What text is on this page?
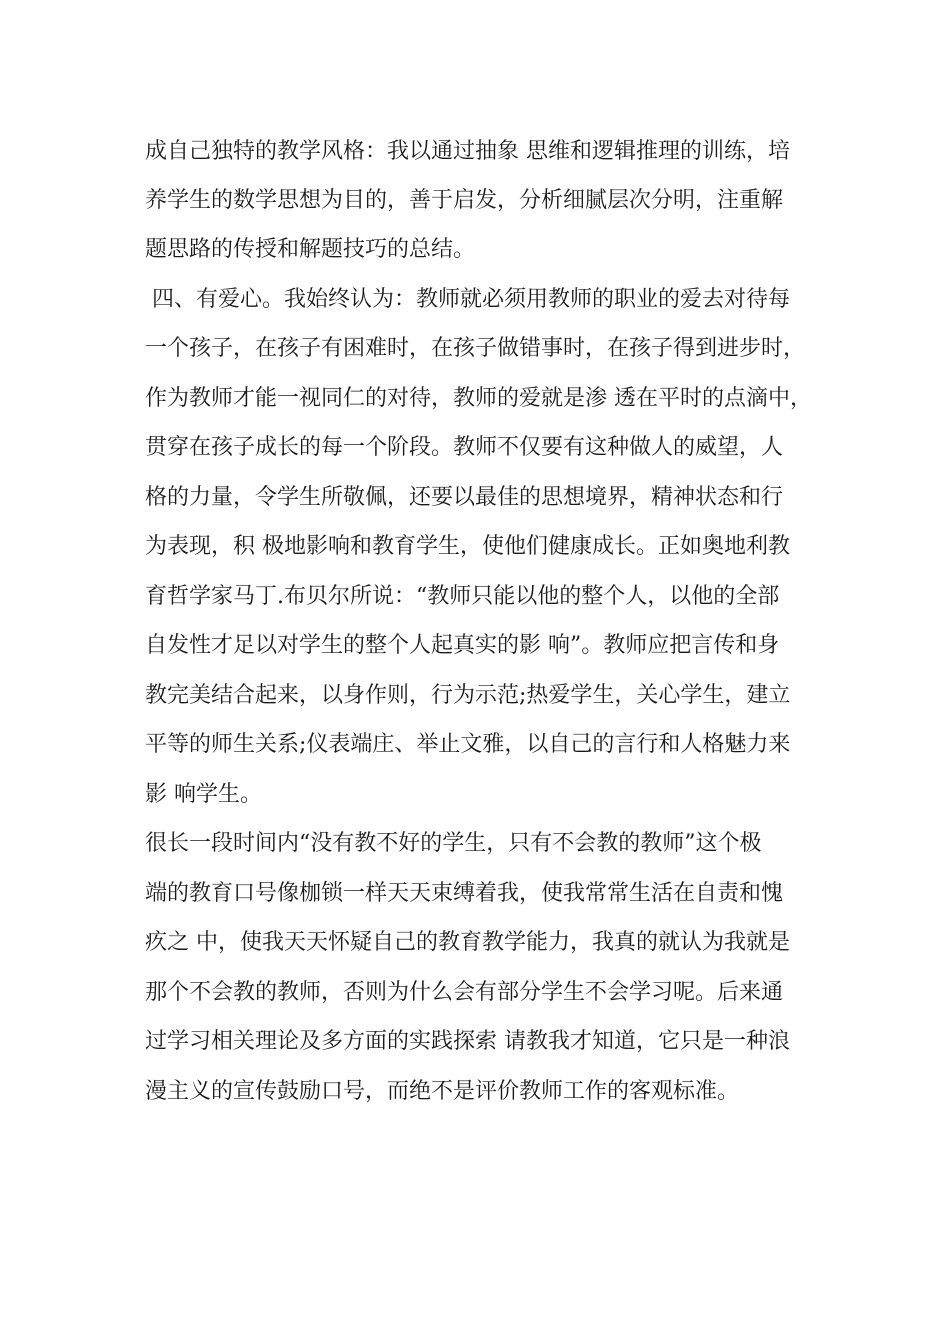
成自己独特的教学风格：我以通过抽象 思维和逻辑推理的训练，培
养学生的数学思想为目的，善于启发，分析细腻层次分明，注重解
题思路的传授和解题技巧的总结。
四、有爱心。我始终认为：教师就必须用教师的职业的爱去对待每
一个孩子，在孩子有困难时，在孩子做错事时，在孩子得到进步时，
作为教师才能一视同仁的对待，教师的爱就是渗 透在平时的点滴中，
贯穿在孩子成长的每一个阶段。教师不仅要有这种做人的威望，人
格的力量，令学生所敬佩，还要以最佳的思想境界，精神状态和行
为表现，积 极地影响和教育学生，使他们健康成长。正如奥地利教
育哲学家马丁.布贝尔所说：“教师只能以他的整个人，以他的全部
自发性才足以对学生的整个人起真实的影 响”。教师应把言传和身
教完美结合起来，以身作则，行为示范;热爱学生，关心学生，建立
平等的师生关系;仪表端庄、举止文雅，以自己的言行和人格魅力来
影 响学生。
很长一段时间内“没有教不好的学生，只有不会教的教师”这个极
端的教育口号像枷锁一样天天束缚着我，使我常常生活在自责和愧
疚之 中，使我天天怀疑自己的教育教学能力，我真的就认为我就是
那个不会教的教师，否则为什么会有部分学生不会学习呢。后来通
过学习相关理论及多方面的实践探索 请教我才知道，它只是一种浪
漫主义的宣传鼓励口号，而绝不是评价教师工作的客观标准。
